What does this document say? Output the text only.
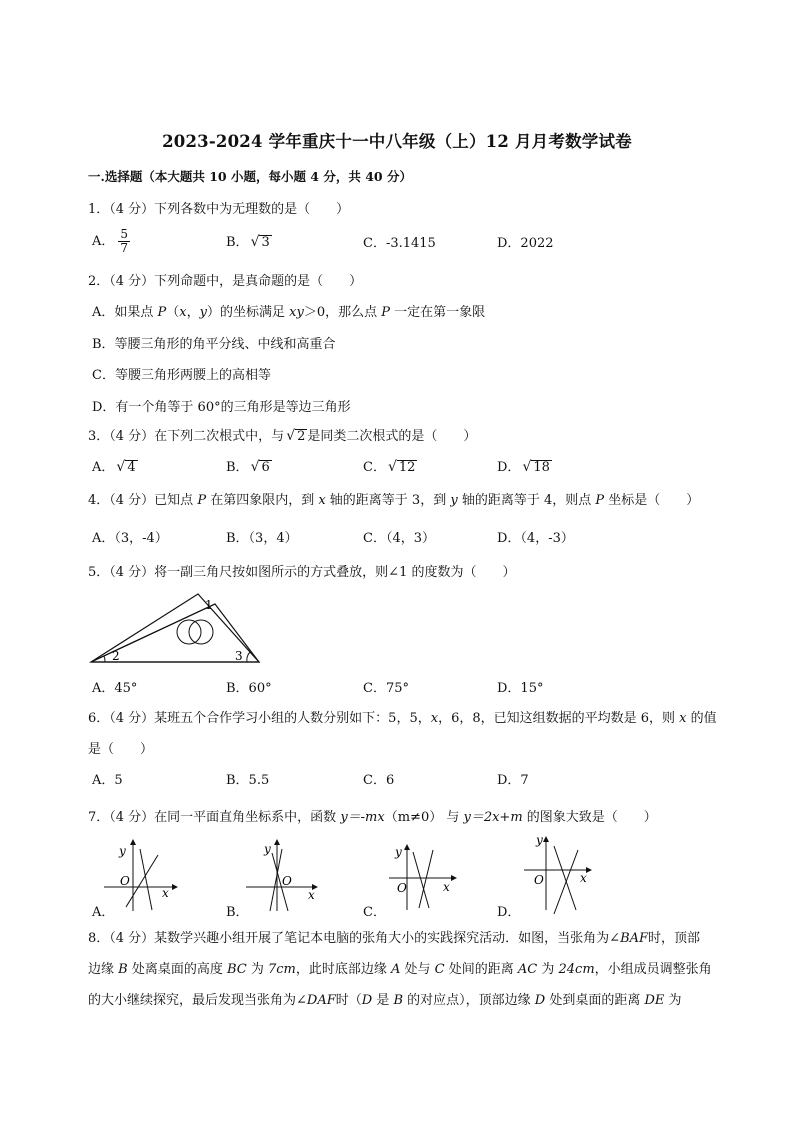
2023-2024 学年重庆十一中八年级（上）12 月月考数学试卷
一.选择题（本大题共 10 小题，每小题 4 分，共 40 分）
1．（4 分）下列各数中为无理数的是（　　）
A． $\frac{5}{7}$	B． √ 3	C．-3.1415	D．2022
2．（4 分）下列命题中，是真命题的是（　　）
A．如果点 P（x，y）的坐标满足 xy＞0，那么点 P 一定在第一象限
B．等腰三角形的角平分线、中线和高重合
C．等腰三角形两腰上的高相等
D．有一个角等于 60°的三角形是等边三角形
3．（4 分）在下列二次根式中，与 √ 2 是同类二次根式的是（　　）
A． √ 4	B． √ 6	C． √ 12	D． √ 18
4．（4 分）已知点 P 在第四象限内，到 x 轴的距离等于 3，到 y 轴的距离等于 4，则点 P 坐标是（　　）
A．（3，-4）	B．（3，4）	C．（4，3）	D．（4，-3）
5．（4 分）将一副三角尺按如图所示的方式叠放，则∠1 的度数为（　　）
1
2	3
A．45°	B．60°	C．75°	D．15°
6．（4 分）某班五个合作学习小组的人数分别如下：5，5，x，6，8，已知这组数据的平均数是 6，则 x 的值
是（　　）
A．5	B．5.5	C．6	D．7
7．（4 分）在同一平面直角坐标系中，函数 y＝-mx（m≠0） 与 y＝2x+m 的图象大致是（　　）
y
x
O
A．
y
x
O
B．
y
x
O
C．
y
x
O
D．
8．（4 分）某数学兴趣小组开展了笔记本电脑的张角大小的实践探究活动．如图，当张角为∠BAF时，顶部
边缘 B 处离桌面的高度 BC 为 7cm，此时底部边缘 A 处与 C 处间的距离 AC 为 24cm，小组成员调整张角
的大小继续探究，最后发现当张角为∠DAF时（D 是 B 的对应点），顶部边缘 D 处到桌面的距离 DE 为
